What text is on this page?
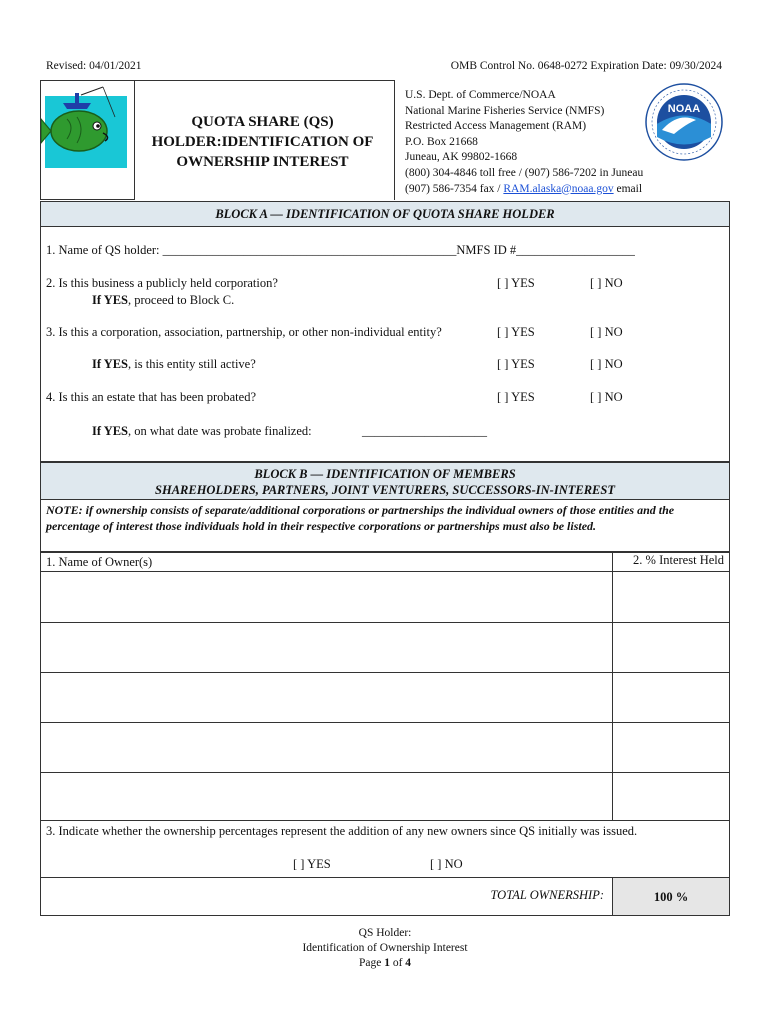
Revised: 04/01/2021	OMB Control No. 0648-0272 Expiration Date: 09/30/2024
QUOTA SHARE (QS)
HOLDER:IDENTIFICATION OF
OWNERSHIP INTEREST
U.S. Dept. of Commerce/NOAA
National Marine Fisheries Service (NMFS)
Restricted Access Management (RAM)
P.O. Box 21668
Juneau, AK 99802-1668
(800) 304-4846 toll free / (907) 586-7202 in Juneau
(907) 586-7354 fax / RAM.alaska@noaa.gov email
NOAA
BLOCK A — IDENTIFICATION OF QUOTA SHARE HOLDER
1. Name of QS holder: _______________________________________________NMFS ID #___________________
2. Is this business a publicly held corporation?
If YES, proceed to Block C.
[ ] YES	[ ] NO
3. Is this a corporation, association, partnership, or other non-individual entity?	[ ] YES	[ ] NO
If YES, is this entity still active?	[ ] YES	[ ] NO
4. Is this an estate that has been probated?	[ ] YES	[ ] NO
If YES, on what date was probate finalized:	____________________
BLOCK B — IDENTIFICATION OF MEMBERS
SHAREHOLDERS, PARTNERS, JOINT VENTURERS, SUCCESSORS-IN-INTEREST
NOTE: if ownership consists of separate/additional corporations or partnerships the individual owners of those entities and the percentage of interest those individuals hold in their respective corporations or partnerships must also be listed.
1. Name of Owner(s)	2. % Interest Held
3. Indicate whether the ownership percentages represent the addition of any new owners since QS initially was issued.
[ ] YES	[ ] NO
TOTAL OWNERSHIP:	100 %
QS Holder:
Identification of Ownership Interest
Page 1 of 4
